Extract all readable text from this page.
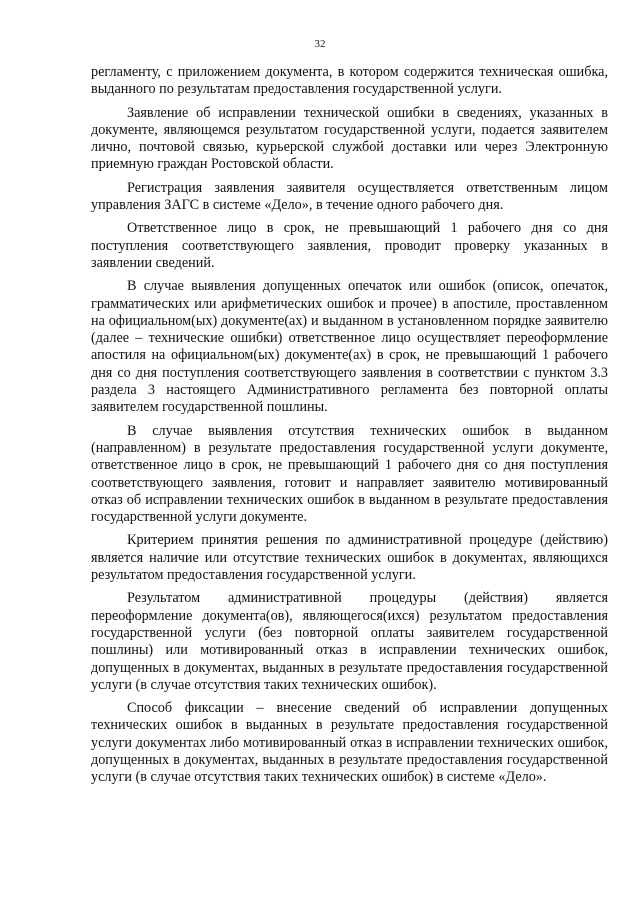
32

регламенту, с приложением документа, в котором содержится техническая ошибка, выданного по результатам предоставления государственной услуги.

Заявление об исправлении технической ошибки в сведениях, указанных в документе, являющемся результатом государственной услуги, подается заявителем лично, почтовой связью, курьерской службой доставки или через Электронную приемную граждан Ростовской области.

Регистрация заявления заявителя осуществляется ответственным лицом управления ЗАГС в системе «Дело», в течение одного рабочего дня.

Ответственное лицо в срок, не превышающий 1 рабочего дня со дня поступления соответствующего заявления, проводит проверку указанных в заявлении сведений.

В случае выявления допущенных опечаток или ошибок (описок, опечаток, грамматических или арифметических ошибок и прочее) в апостиле, проставленном на официальном(ых) документе(ах) и выданном в установленном порядке заявителю (далее – технические ошибки) ответственное лицо осуществляет переоформление апостиля на официальном(ых) документе(ах) в срок, не превышающий 1 рабочего дня со дня поступления соответствующего заявления в соответствии с пунктом 3.3 раздела 3 настоящего Административного регламента без повторной оплаты заявителем государственной пошлины.

В случае выявления отсутствия технических ошибок в выданном (направленном) в результате предоставления государственной услуги документе, ответственное лицо в срок, не превышающий 1 рабочего дня со дня поступления соответствующего заявления, готовит и направляет заявителю мотивированный отказ об исправлении технических ошибок в выданном в результате предоставления государственной услуги документе.

Критерием принятия решения по административной процедуре (действию) является наличие или отсутствие технических ошибок в документах, являющихся результатом предоставления государственной услуги.

Результатом административной процедуры (действия) является переоформление документа(ов), являющегося(ихся) результатом предоставления государственной услуги (без повторной оплаты заявителем государственной пошлины) или мотивированный отказ в исправлении технических ошибок, допущенных в документах, выданных в результате предоставления государственной услуги (в случае отсутствия таких технических ошибок).

Способ фиксации – внесение сведений об исправлении допущенных технических ошибок в выданных в результате предоставления государственной услуги документах либо мотивированный отказ в исправлении технических ошибок, допущенных в документах, выданных в результате предоставления государственной услуги (в случае отсутствия таких технических ошибок) в системе «Дело».
